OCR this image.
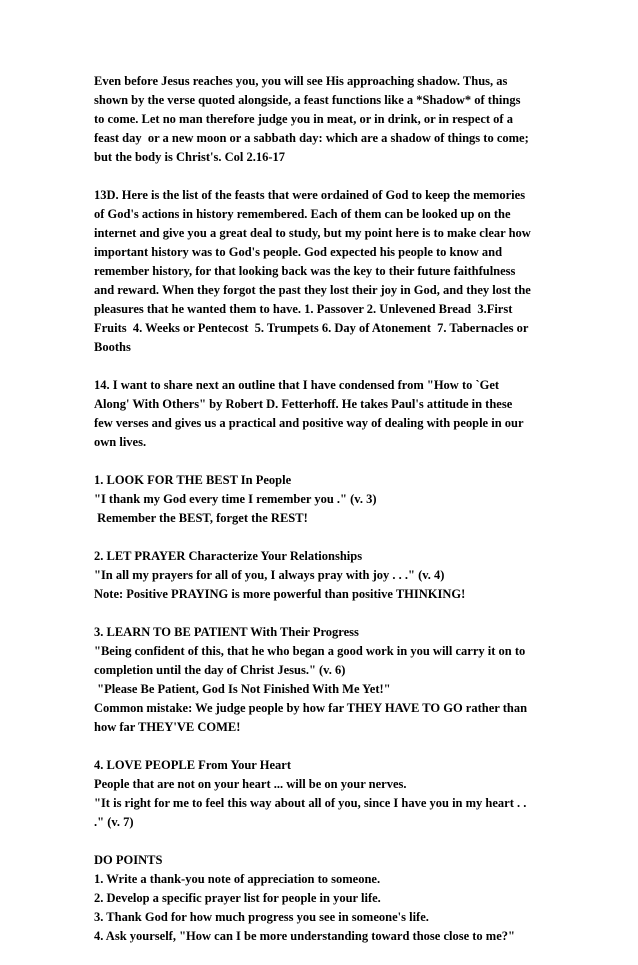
Even before Jesus reaches you, you will see His approaching shadow. Thus, as
shown by the verse quoted alongside, a feast functions like a *Shadow* of things
to come. Let no man therefore judge you in meat, or in drink, or in respect of a
feast day  or a new moon or a sabbath day: which are a shadow of things to come;
but the body is Christ's. Col 2.16-17
13D. Here is the list of the feasts that were ordained of God to keep the memories
of God's actions in history remembered. Each of them can be looked up on the
internet and give you a great deal to study, but my point here is to make clear how
important history was to God's people. God expected his people to know and
remember history, for that looking back was the key to their future faithfulness
and reward. When they forgot the past they lost their joy in God, and they lost the
pleasures that he wanted them to have. 1. Passover 2. Unlevened Bread  3.First
Fruits  4. Weeks or Pentecost  5. Trumpets 6. Day of Atonement  7. Tabernacles or
Booths
14. I want to share next an outline that I have condensed from "How to `Get
Along' With Others" by Robert D. Fetterhoff. He takes Paul's attitude in these
few verses and gives us a practical and positive way of dealing with people in our
own lives.
1. LOOK FOR THE BEST In People
"I thank my God every time I remember you ." (v. 3)
Remember the BEST, forget the REST!
2. LET PRAYER Characterize Your Relationships
"In all my prayers for all of you, I always pray with joy . . ." (v. 4)
Note: Positive PRAYING is more powerful than positive THINKING!
3. LEARN TO BE PATIENT With Their Progress
"Being confident of this, that he who began a good work in you will carry it on to
completion until the day of Christ Jesus." (v. 6)
"Please Be Patient, God Is Not Finished With Me Yet!"
Common mistake: We judge people by how far THEY HAVE TO GO rather than
how far THEY'VE COME!
4. LOVE PEOPLE From Your Heart
People that are not on your heart ... will be on your nerves.
"It is right for me to feel this way about all of you, since I have you in my heart . .
." (v. 7)
DO POINTS
1. Write a thank-you note of appreciation to someone.
2. Develop a specific prayer list for people in your life.
3. Thank God for how much progress you see in someone's life.
4. Ask yourself, "How can I be more understanding toward those close to me?"
